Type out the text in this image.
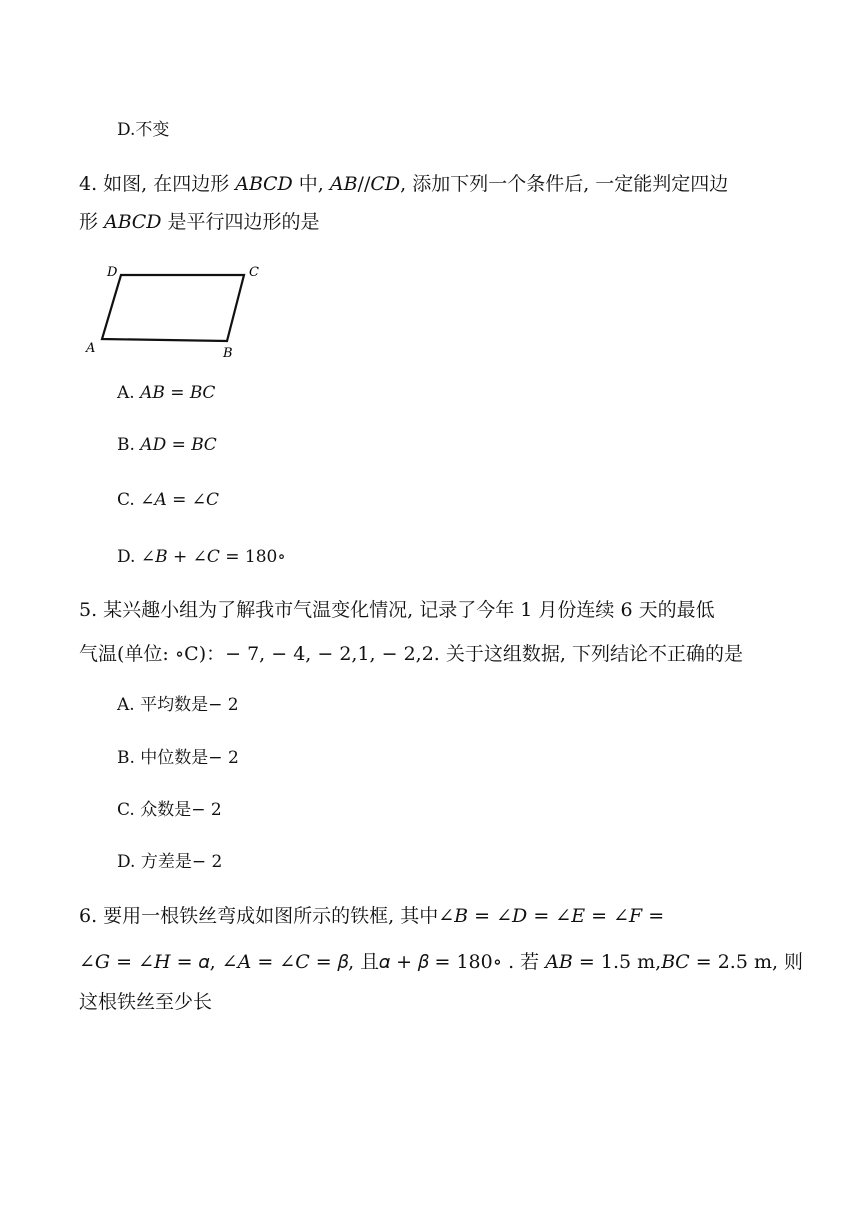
D.不变
4. 如图, 在四边形 𝐴𝐵𝐶𝐷 中, 𝐴𝐵//𝐶𝐷, 添加下列一个条件后, 一定能判定四边
形 𝐴𝐵𝐶𝐷 是平行四边形的是
D	C
A	B
A. 𝐴𝐵 = 𝐵𝐶
B. 𝐴𝐷 = 𝐵𝐶
C. ∠𝐴 = ∠𝐶
D. ∠𝐵 + ∠𝐶 = 180∘
5. 某兴趣小组为了解我市气温变化情况, 记录了今年 1 月份连续 6 天的最低
气温(单位: ∘C)：− 7, − 4, − 2,1, − 2,2. 关于这组数据, 下列结论不正确的是
A. 平均数是− 2
B. 中位数是− 2
C. 众数是− 2
D. 方差是− 2
6. 要用一根铁丝弯成如图所示的铁框, 其中∠𝐵 = ∠𝐷 = ∠𝐸 = ∠𝐹 =
∠𝐺 = ∠𝐻 = 𝛼, ∠𝐴 = ∠𝐶 = 𝛽, 且𝛼 + 𝛽 = 180∘ . 若 𝐴𝐵 = 1.5 m,𝐵𝐶 = 2.5 m, 则
这根铁丝至少长
